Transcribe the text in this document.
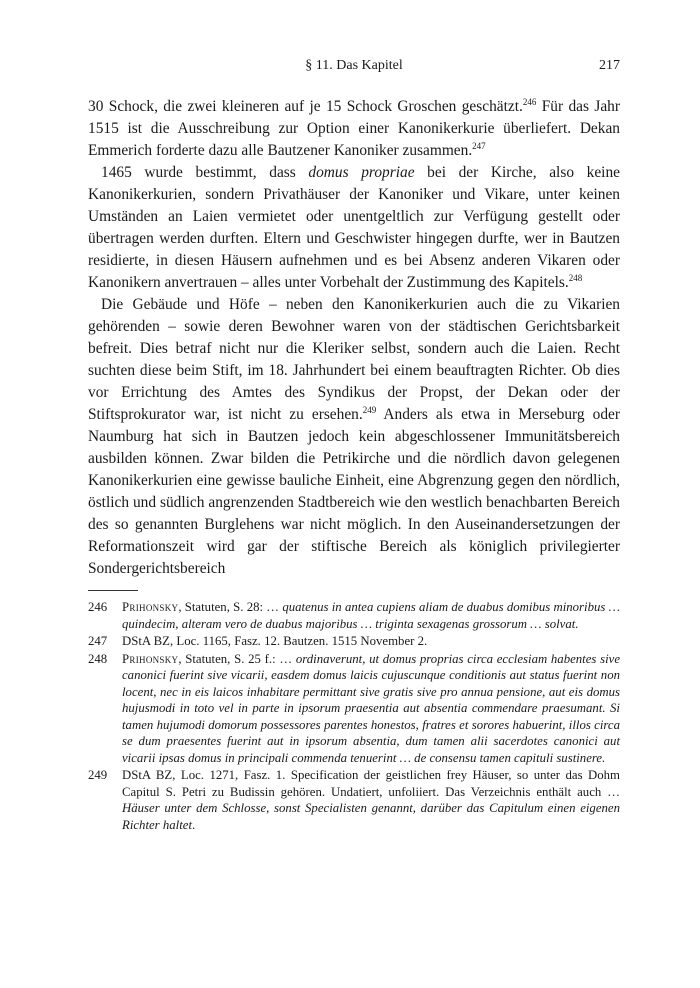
§ 11. Das Kapitel	217

30 Schock, die zwei kleineren auf je 15 Schock Groschen geschätzt.$^{246}$ Für das Jahr 1515 ist die Ausschreibung zur Option einer Kanonikerkurie überliefert. Dekan Emmerich forderte dazu alle Bautzener Kanoniker zusammen.$^{247}$

1465 wurde bestimmt, dass domus propriae bei der Kirche, also keine Kanonikerkurien, sondern Privathäuser der Kanoniker und Vikare, unter keinen Umständen an Laien vermietet oder unentgeltlich zur Verfügung gestellt oder übertragen werden durften. Eltern und Geschwister hingegen durfte, wer in Bautzen residierte, in diesen Häusern aufnehmen und es bei Absenz anderen Vikaren oder Kanonikern anvertrauen – alles unter Vorbehalt der Zustimmung des Kapitels.$^{248}$

Die Gebäude und Höfe – neben den Kanonikerkurien auch die zu Vikarien gehörenden – sowie deren Bewohner waren von der städtischen Gerichtsbarkeit befreit. Dies betraf nicht nur die Kleriker selbst, sondern auch die Laien. Recht suchten diese beim Stift, im 18. Jahrhundert bei einem beauftragten Richter. Ob dies vor Errichtung des Amtes des Syndikus der Propst, der Dekan oder der Stiftsprokurator war, ist nicht zu ersehen.$^{249}$ Anders als etwa in Merseburg oder Naumburg hat sich in Bautzen jedoch kein abgeschlossener Immunitätsbereich ausbilden können. Zwar bilden die Petrikirche und die nördlich davon gelegenen Kanonikerkurien eine gewisse bauliche Einheit, eine Abgrenzung gegen den nördlich, östlich und südlich angrenzenden Stadtbereich wie den westlich benachbarten Bereich des so genannten Burglehens war nicht möglich. In den Auseinandersetzungen der Reformationszeit wird gar der stiftische Bereich als königlich privilegierter Sondergerichtsbereich

246	Prihonsky, Statuten, S. 28: … quatenus in antea cupiens aliam de duabus domibus minoribus … quindecim, alteram vero de duabus majoribus … triginta sexagenas grossorum … solvat.
247	DStA BZ, Loc. 1165, Fasz. 12. Bautzen. 1515 November 2.
248	Prihonsky, Statuten, S. 25 f.: … ordinaverunt, ut domus proprias circa ecclesiam habentes sive canonici fuerint sive vicarii, easdem domus laicis cujuscunque conditionis aut status fuerint non locent, nec in eis laicos inhabitare permittant sive gratis sive pro annua pensione, aut eis domus hujusmodi in toto vel in parte in ipsorum praesentia aut absentia commendare praesumant. Si tamen hujumodi domorum possessores parentes honestos, fratres et sorores habuerint, illos circa se dum praesentes fuerint aut in ipsorum absentia, dum tamen alii sacerdotes canonici aut vicarii ipsas domus in principali commenda tenuerint … de consensu tamen capituli sustinere.
249	DStA BZ, Loc. 1271, Fasz. 1. Specification der geistlichen frey Häuser, so unter das Dohm Capitul S. Petri zu Budissin gehören. Undatiert, unfoliiert. Das Verzeichnis enthält auch … Häuser unter dem Schlosse, sonst Specialisten genannt, darüber das Capitulum einen eigenen Richter haltet.
